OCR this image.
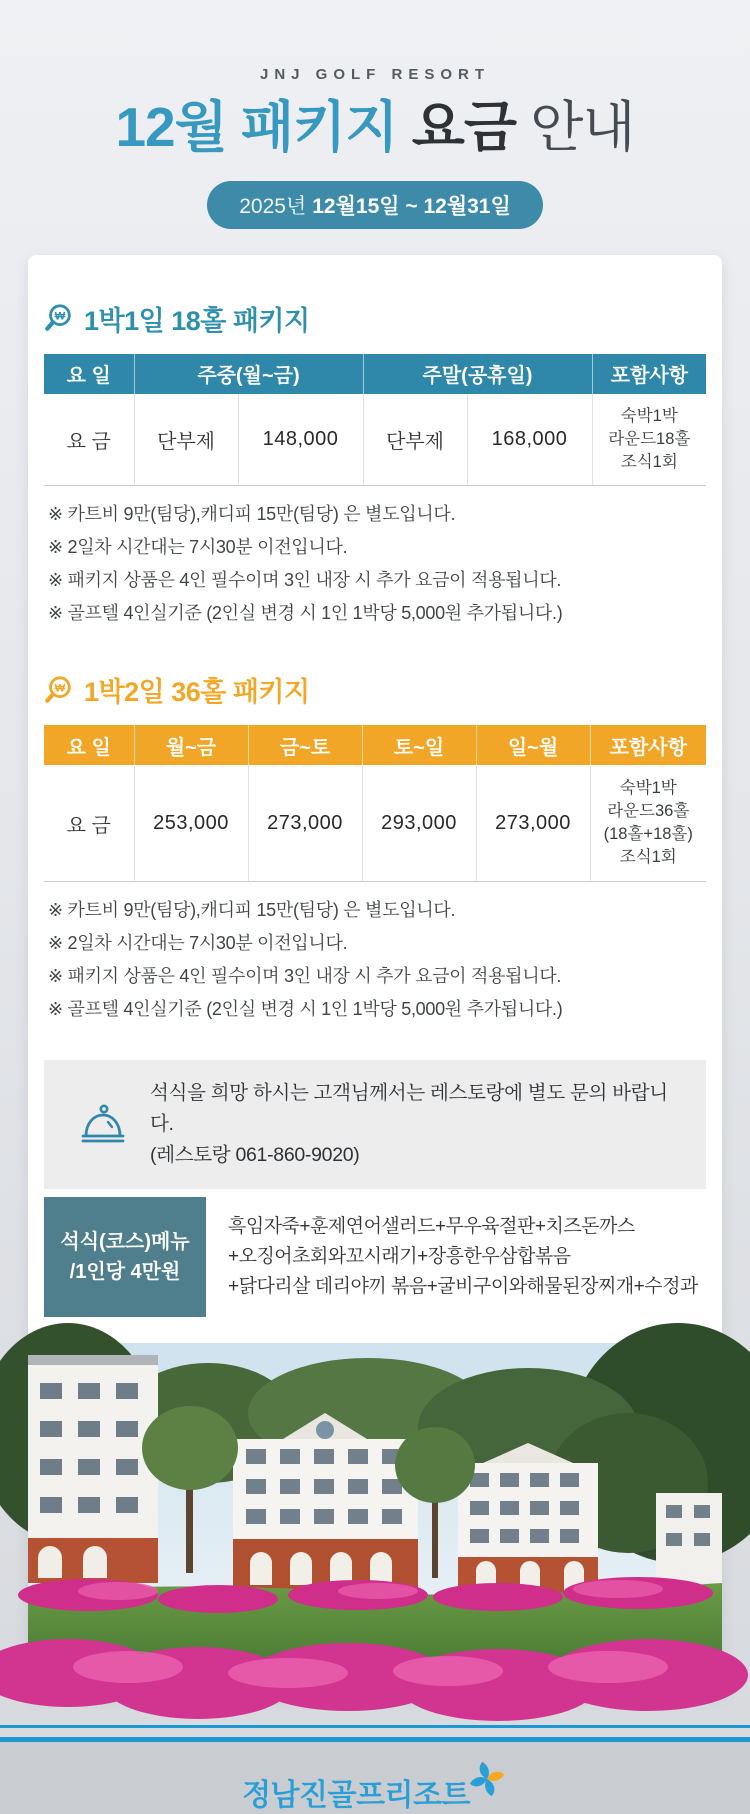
JNJ GOLF RESORT
12월 패키지 요금 안내
2025년 12월15일 ~ 12월31일
₩ 1박1일 18홀 패키지
요 일	주중(월~금)		주말(공휴일)		포함사항
요 금	단부제	148,000	단부제	168,000	숙박1박
라운드18홀
조식1회
※ 카트비 9만(팀당),캐디피 15만(팀당) 은 별도입니다.
※ 2일차 시간대는 7시30분 이전입니다.
※ 패키지 상품은 4인 필수이며 3인 내장 시 추가 요금이 적용됩니다.
※ 골프텔 4인실기준 (2인실 변경 시 1인 1박당 5,000원 추가됩니다.)
₩ 1박2일 36홀 패키지
요 일	월~금	금~토	토~일	일~월	포함사항
요 금	253,000	273,000	293,000	273,000	숙박1박
라운드36홀
(18홀+18홀)
조식1회
※ 카트비 9만(팀당),캐디피 15만(팀당) 은 별도입니다.
※ 2일차 시간대는 7시30분 이전입니다.
※ 패키지 상품은 4인 필수이며 3인 내장 시 추가 요금이 적용됩니다.
※ 골프텔 4인실기준 (2인실 변경 시 1인 1박당 5,000원 추가됩니다.)
석식을 희망 하시는 고객님께서는 레스토랑에 별도 문의 바랍니다.
(레스토랑 061-860-9020)
석식(코스)메뉴
/1인당 4만원
흑임자죽+훈제연어샐러드+무우육절판+치즈돈까스
+오징어초회와꼬시래기+장흥한우삼합볶음
+닭다리살 데리야끼 볶음+굴비구이와해물된장찌개+수정과
정남진골프리조트
